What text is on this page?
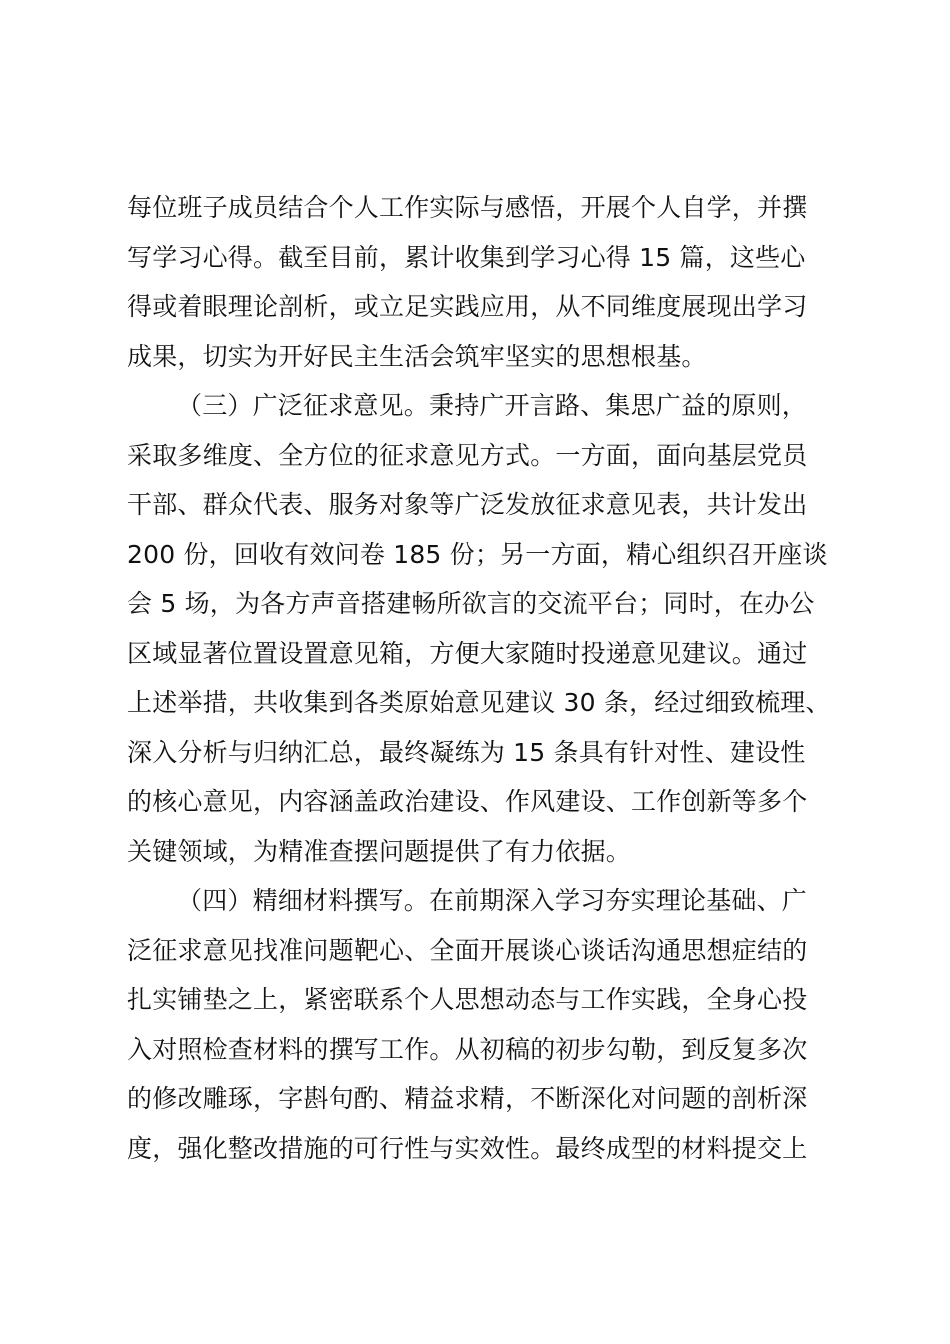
每位班子成员结合个人工作实际与感悟，开展个人自学，并撰

写学习心得。截至目前，累计收集到学习心得 15 篇，这些心

得或着眼理论剖析，或立足实践应用，从不同维度展现出学习

成果，切实为开好民主生活会筑牢坚实的思想根基。

（三）广泛征求意见。秉持广开言路、集思广益的原则，

采取多维度、全方位的征求意见方式。一方面，面向基层党员

干部、群众代表、服务对象等广泛发放征求意见表，共计发出

200 份，回收有效问卷 185 份；另一方面，精心组织召开座谈

会 5 场，为各方声音搭建畅所欲言的交流平台；同时，在办公

区域显著位置设置意见箱，方便大家随时投递意见建议。通过

上述举措，共收集到各类原始意见建议 30 条，经过细致梳理、

深入分析与归纳汇总，最终凝练为 15 条具有针对性、建设性

的核心意见，内容涵盖政治建设、作风建设、工作创新等多个

关键领域，为精准查摆问题提供了有力依据。

（四）精细材料撰写。在前期深入学习夯实理论基础、广

泛征求意见找准问题靶心、全面开展谈心谈话沟通思想症结的

扎实铺垫之上，紧密联系个人思想动态与工作实践，全身心投

入对照检查材料的撰写工作。从初稿的初步勾勒，到反复多次

的修改雕琢，字斟句酌、精益求精，不断深化对问题的剖析深

度，强化整改措施的可行性与实效性。最终成型的材料提交上
